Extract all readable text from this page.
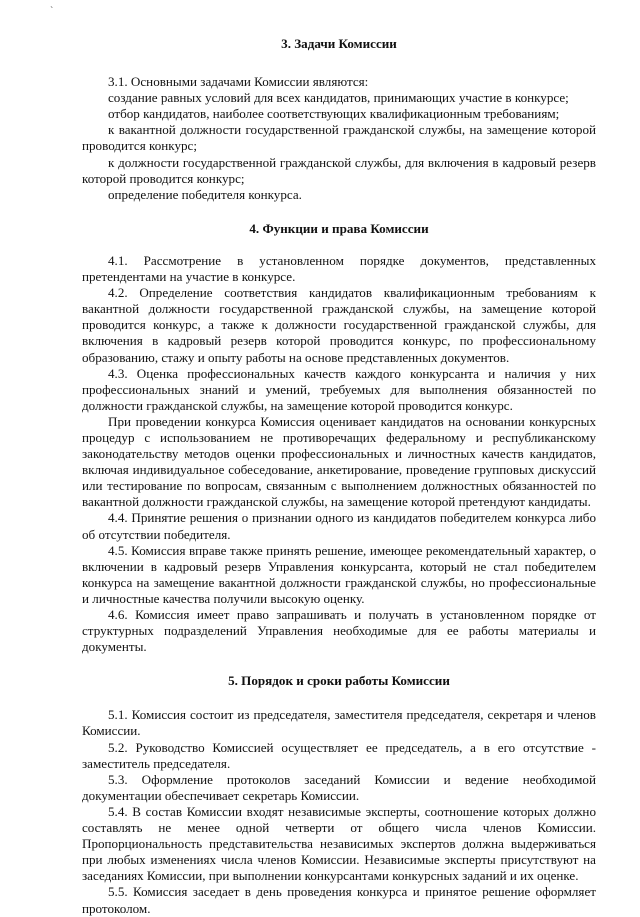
`
3. Задачи Комиссии

3.1. Основными задачами Комиссии являются:

создание равных условий для всех кандидатов, принимающих участие в конкурсе;

отбор кандидатов, наиболее соответствующих квалификационным требованиям;

к вакантной должности государственной гражданской службы, на замещение которой проводится конкурс;

к должности государственной гражданской службы, для включения в кадровый резерв которой проводится конкурс;

определение победителя конкурса.

4. Функции и права Комиссии

4.1. Рассмотрение в установленном порядке документов, представленных претендентами на участие в конкурсе.

4.2. Определение соответствия кандидатов квалификационным требованиям к вакантной должности государственной гражданской службы, на замещение которой проводится конкурс, а также к должности государственной гражданской службы, для включения в кадровый резерв которой проводится конкурс, по профессиональному образованию, стажу и опыту работы на основе представленных документов.

4.3. Оценка профессиональных качеств каждого конкурсанта и наличия у них профессиональных знаний и умений, требуемых для выполнения обязанностей по должности гражданской службы, на замещение которой проводится конкурс.

При проведении конкурса Комиссия оценивает кандидатов на основании конкурсных процедур с использованием не противоречащих федеральному и республиканскому законодательству методов оценки профессиональных и личностных качеств кандидатов, включая индивидуальное собеседование, анкетирование, проведение групповых дискуссий или тестирование по вопросам, связанным с выполнением должностных обязанностей по вакантной должности гражданской службы, на замещение которой претендуют кандидаты.

4.4. Принятие решения о признании одного из кандидатов победителем конкурса либо об отсутствии победителя.

4.5. Комиссия вправе также принять решение, имеющее рекомендательный характер, о включении в кадровый резерв Управления конкурсанта, который не стал победителем конкурса на замещение вакантной должности гражданской службы, но профессиональные и личностные качества получили высокую оценку.

4.6. Комиссия имеет право запрашивать и получать в установленном порядке от структурных подразделений Управления необходимые для ее работы материалы и документы.

5. Порядок и сроки работы Комиссии

5.1. Комиссия состоит из председателя, заместителя председателя, секретаря и членов Комиссии.

5.2. Руководство Комиссией осуществляет ее председатель, а в его отсутствие - заместитель председателя.

5.3. Оформление протоколов заседаний Комиссии и ведение необходимой документации обеспечивает секретарь Комиссии.

5.4. В состав Комиссии входят независимые эксперты, соотношение которых должно составлять не менее одной четверти от общего числа членов Комиссии. Пропорциональность представительства независимых экспертов должна выдерживаться при любых изменениях числа членов Комиссии. Независимые эксперты присутствуют на заседаниях Комиссии, при выполнении конкурсантами конкурсных заданий и их оценке.

5.5. Комиссия заседает в день проведения конкурса и принятое решение оформляет протоколом.
